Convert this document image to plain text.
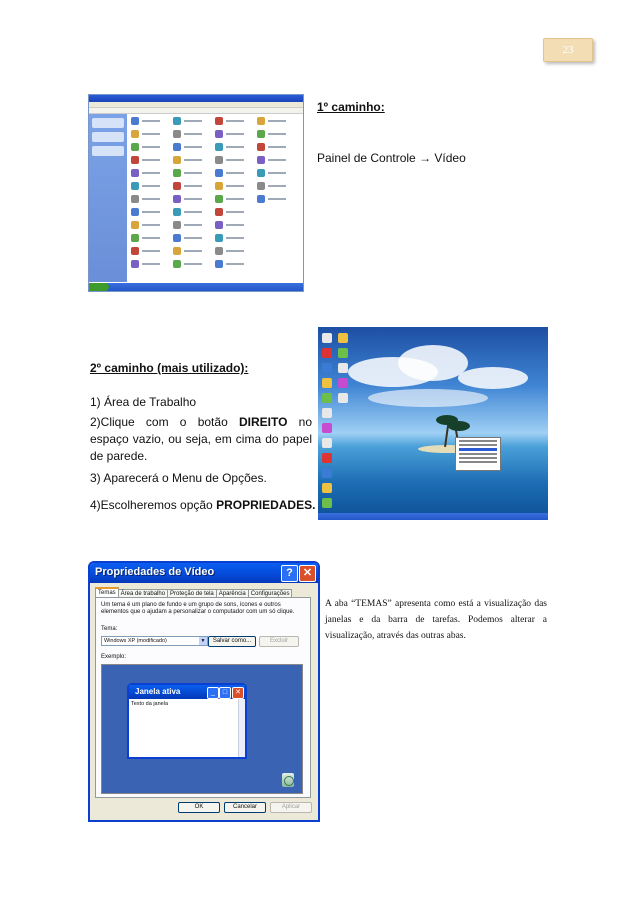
23
1º caminho:
Painel de Controle → Vídeo
2º caminho (mais utilizado):
1) Área de Trabalho
2)Clique com o botão DIREITO no espaço vazio, ou seja, em cima do papel de parede.
3) Aparecerá o Menu de Opções.
4)Escolheremos opção PROPRIEDADES.
Propriedades de Vídeo	? ✕
Temas Área de trabalho Proteção de tela Aparência Configurações
Um tema é um plano de fundo e um grupo de sons, ícones e outros elementos que o ajudam a personalizar o computador com um só clique.
Tema:
Windows XP (modificado)	▼	Salvar como...	Excluir
Exemplo:
Janela ativa	_	□	✕
Texto da janela
OK	Cancelar	Aplicar
A aba “TEMAS” apresenta como está a visualização das janelas e da barra de tarefas. Podemos alterar a visualização, através das outras abas.
